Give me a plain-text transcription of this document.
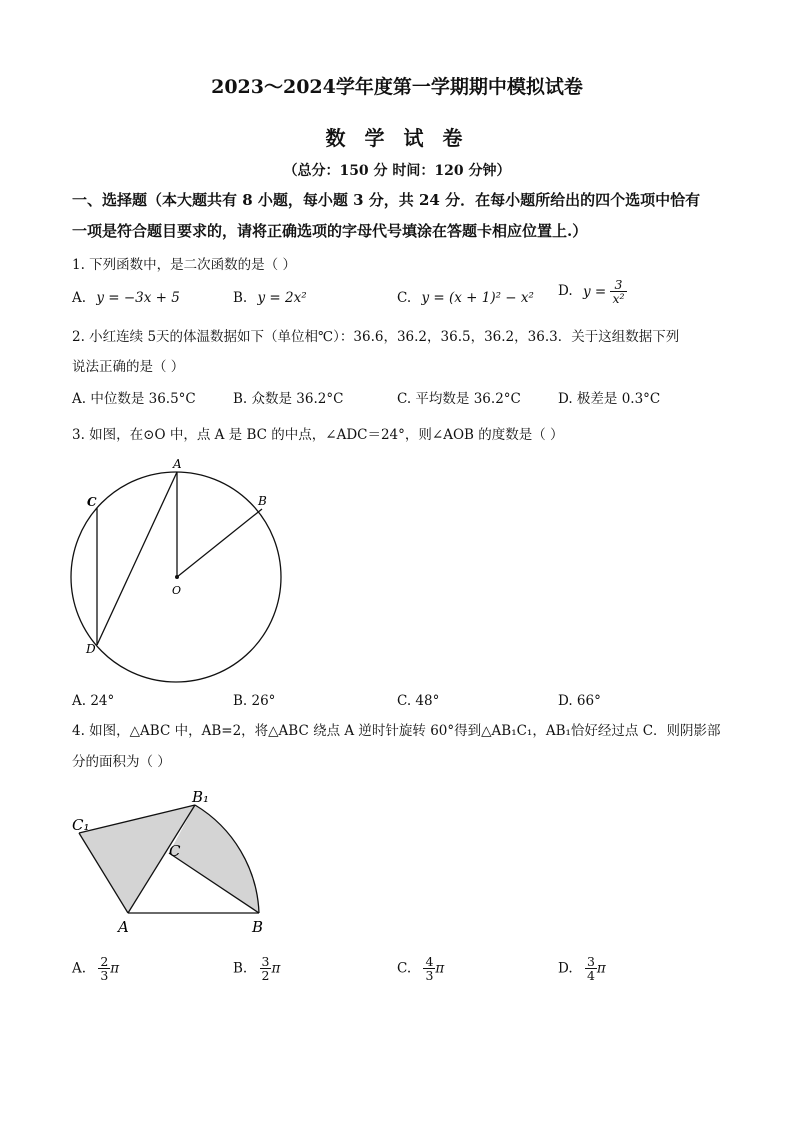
2023～2024学年度第一学期期中模拟试卷
数 学 试 卷
（总分：150 分 时间：120 分钟）
一、选择题（本大题共有 8 小题，每小题 3 分，共 24 分．在每小题所给出的四个选项中恰有
一项是符合题目要求的，请将正确选项的字母代号填涂在答题卡相应位置上.）
1. 下列函数中，是二次函数的是（ ）
A. y = −3x + 5	B. y = 2x²	C. y = (x + 1)² − x² D. $y = \frac{3}{\text{x²}}$
2. 小红连续 5天的体温数据如下（单位相℃）：36.6，36.2，36.5，36.2，36.3．关于这组数据下列
说法正确的是（ ）
A. 中位数是 36.5°C	B. 众数是 36.2°C	C. 平均数是 36.2°C	D. 极差是 0.3°C
3. 如图，在⊙O 中，点 A 是 BC 的中点，∠ADC＝24°，则∠AOB 的度数是（ ）
A
B
C
D
O
A. 24°	B. 26°	C. 48°	D. 66°
4. 如图，△ABC 中，AB=2，将△ABC 绕点 A 逆时针旋转 60°得到△AB₁C₁，AB₁恰好经过点 C．则阴影部
分的面积为（ ）
C₁
B₁
C
A	B
A. $\frac{2}{3}$ π	B. $\frac{3}{2}$ π	C. $\frac{4}{3}$ π	D. $\frac{3}{4}$ π
